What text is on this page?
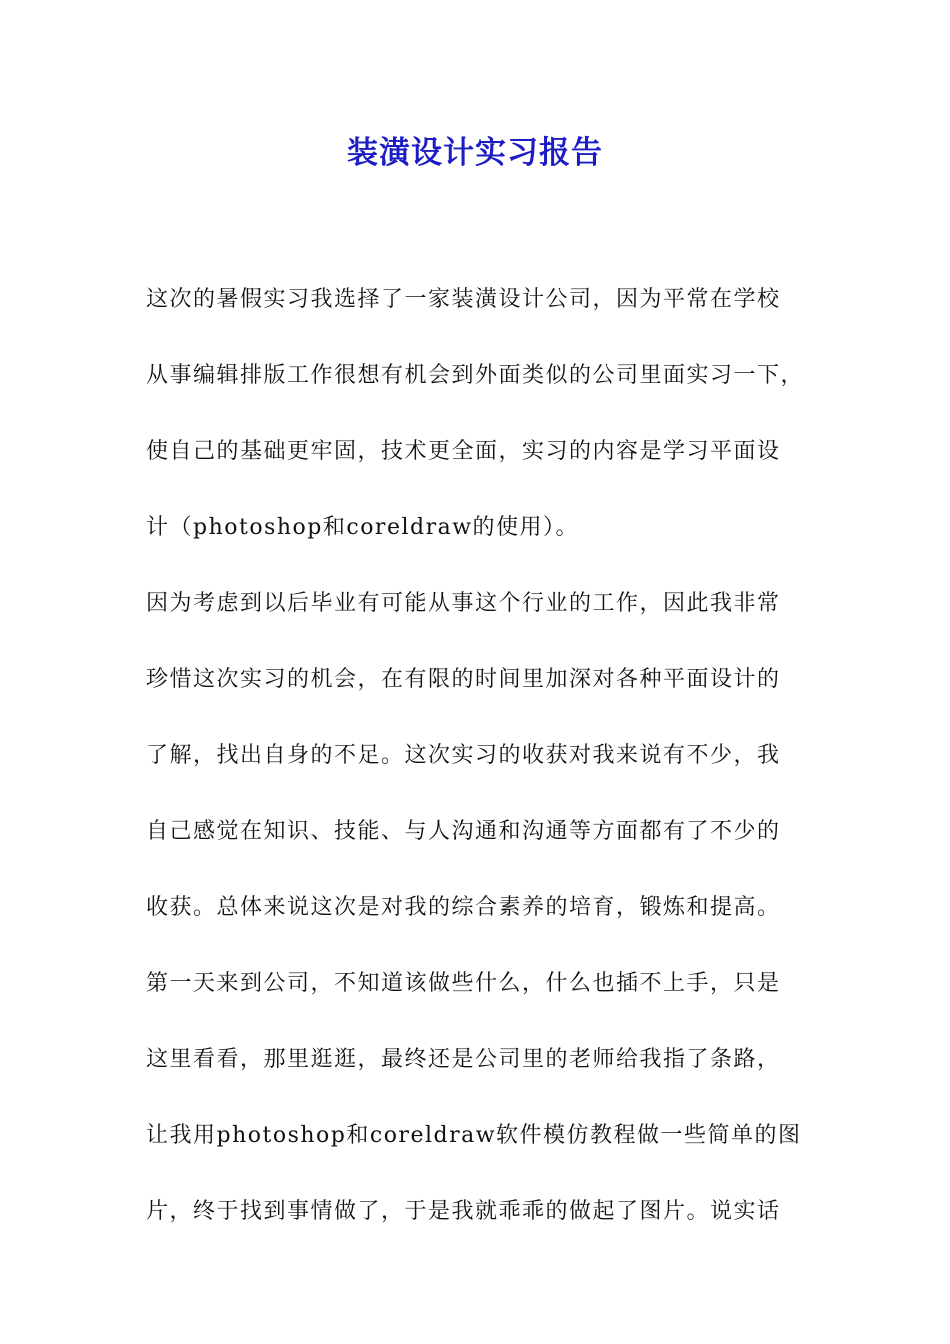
装潢设计实习报告
这次的暑假实习我选择了一家装潢设计公司，因为平常在学校
从事编辑排版工作很想有机会到外面类似的公司里面实习一下，
使自己的基础更牢固，技术更全面，实习的内容是学习平面设
计（photoshop和coreldraw的使用）。
因为考虑到以后毕业有可能从事这个行业的工作，因此我非常
珍惜这次实习的机会，在有限的时间里加深对各种平面设计的
了解，找出自身的不足。这次实习的收获对我来说有不少，我
自己感觉在知识、技能、与人沟通和沟通等方面都有了不少的
收获。总体来说这次是对我的综合素养的培育，锻炼和提高。
第一天来到公司，不知道该做些什么，什么也插不上手，只是
这里看看，那里逛逛，最终还是公司里的老师给我指了条路，
让我用photoshop和coreldraw软件模仿教程做一些简单的图
片，终于找到事情做了，于是我就乖乖的做起了图片。说实话
